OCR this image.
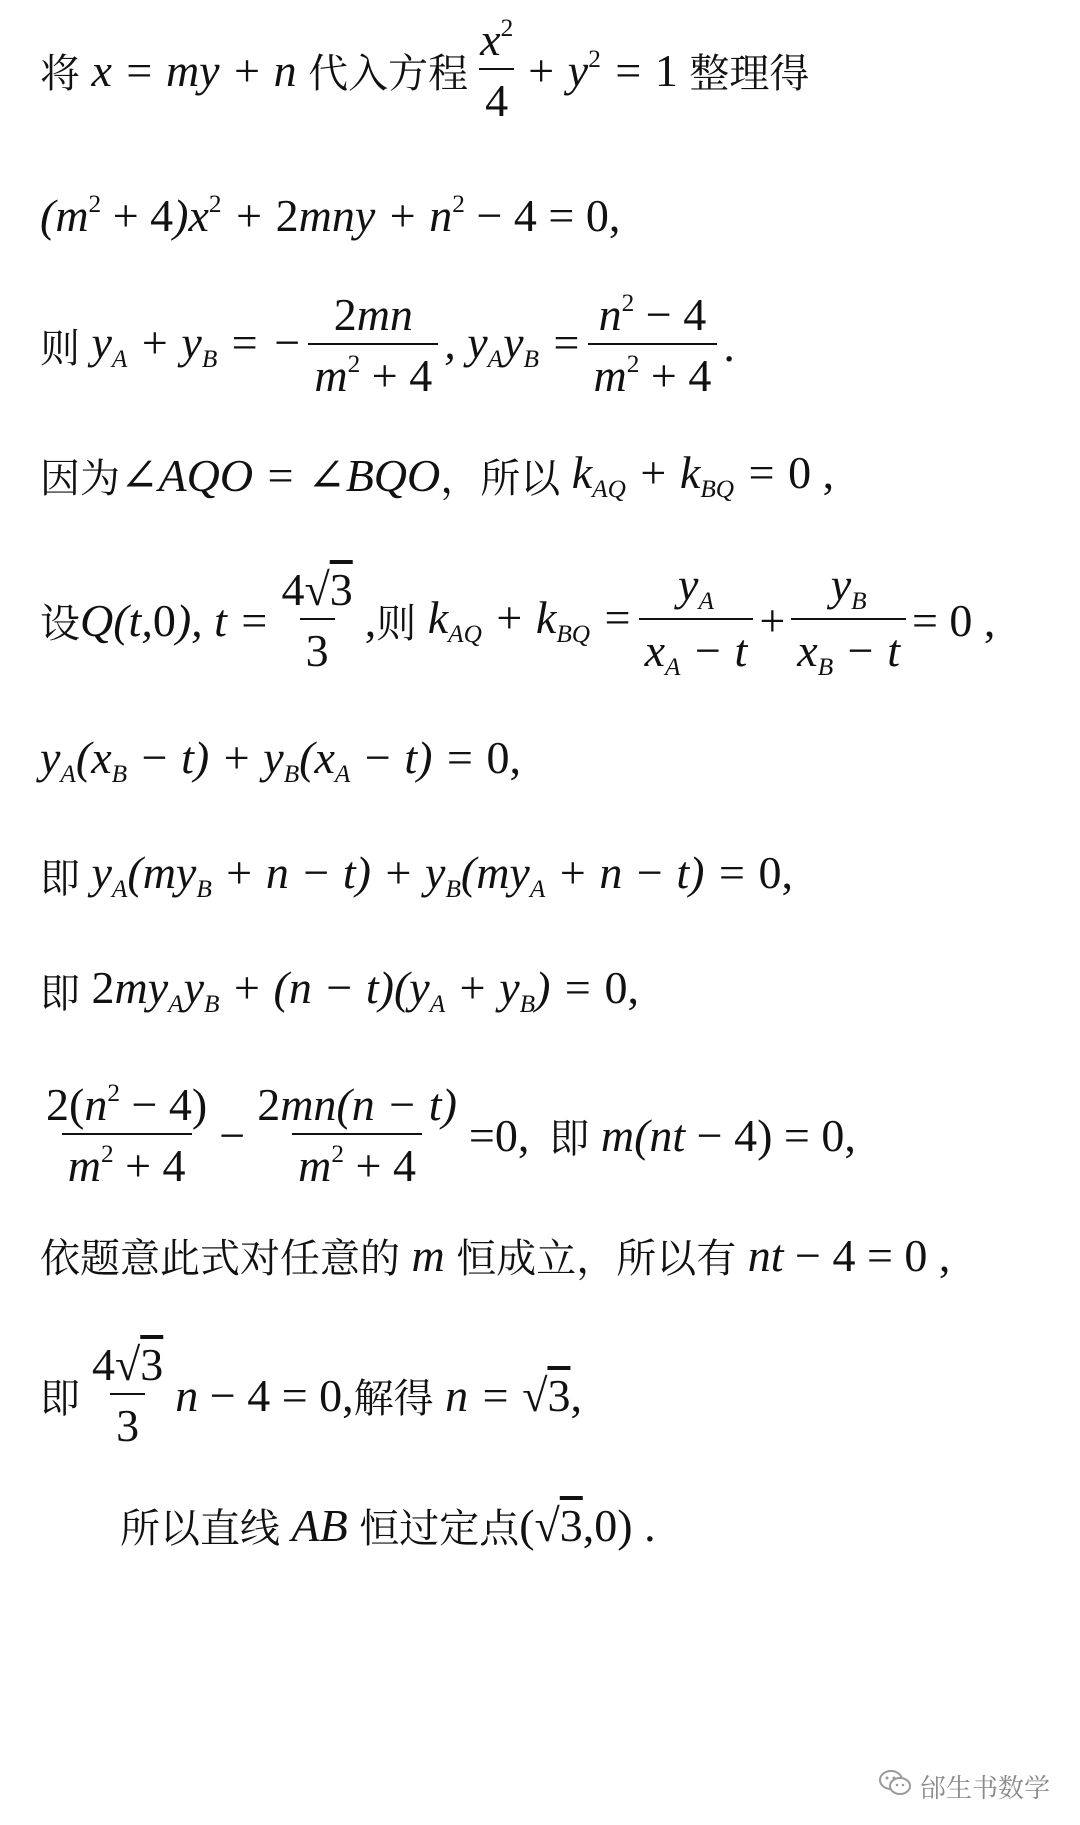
将 x = my + n 代入方程 $\frac{x^2}{4} + y^2 = 1$ 整理得
$(m^2 + 4)x^2 + 2mny + n^2 - 4 = 0$,
则 $y_A + y_B$ = − $\frac{2mn}{m^2 + 4}$ , $y_Ay_B = \frac{n^2 - 4}{m^2 + 4}$ .
因为 ∠AQO = ∠BQO ，所以 $k_{AQ} + k_{BQ} = 0$ ,
设 Q(t,0), $t = \frac{4√3}{3}$ , 则 $k_{AQ} + k_{BQ} = \frac{y_A}{x_A - t} + \frac{y_B}{x_B - t} = 0$ ,
$y_A(x_B - t) + y_B(x_A - t) = 0$,
即 $y_A(my_B + n - t) + y_B(my_A + n - t) = 0$,
即 $2my_Ay_B + (n - t)(y_A + y_B) = 0$,
$\frac{2(n^2 - 4)}{m^2 + 4} - \frac{2mn(n - t)}{m^2 + 4} =0$, 即 m(nt − 4) = 0,
依题意此式对任意的 m 恒成立，所以有 nt − 4 = 0 ,
即 $\frac{4√3}{3}$ n − 4 = 0, 解得 n = √3,
所以直线 AB 恒过定点 (√3,0) .
邰生书数学
